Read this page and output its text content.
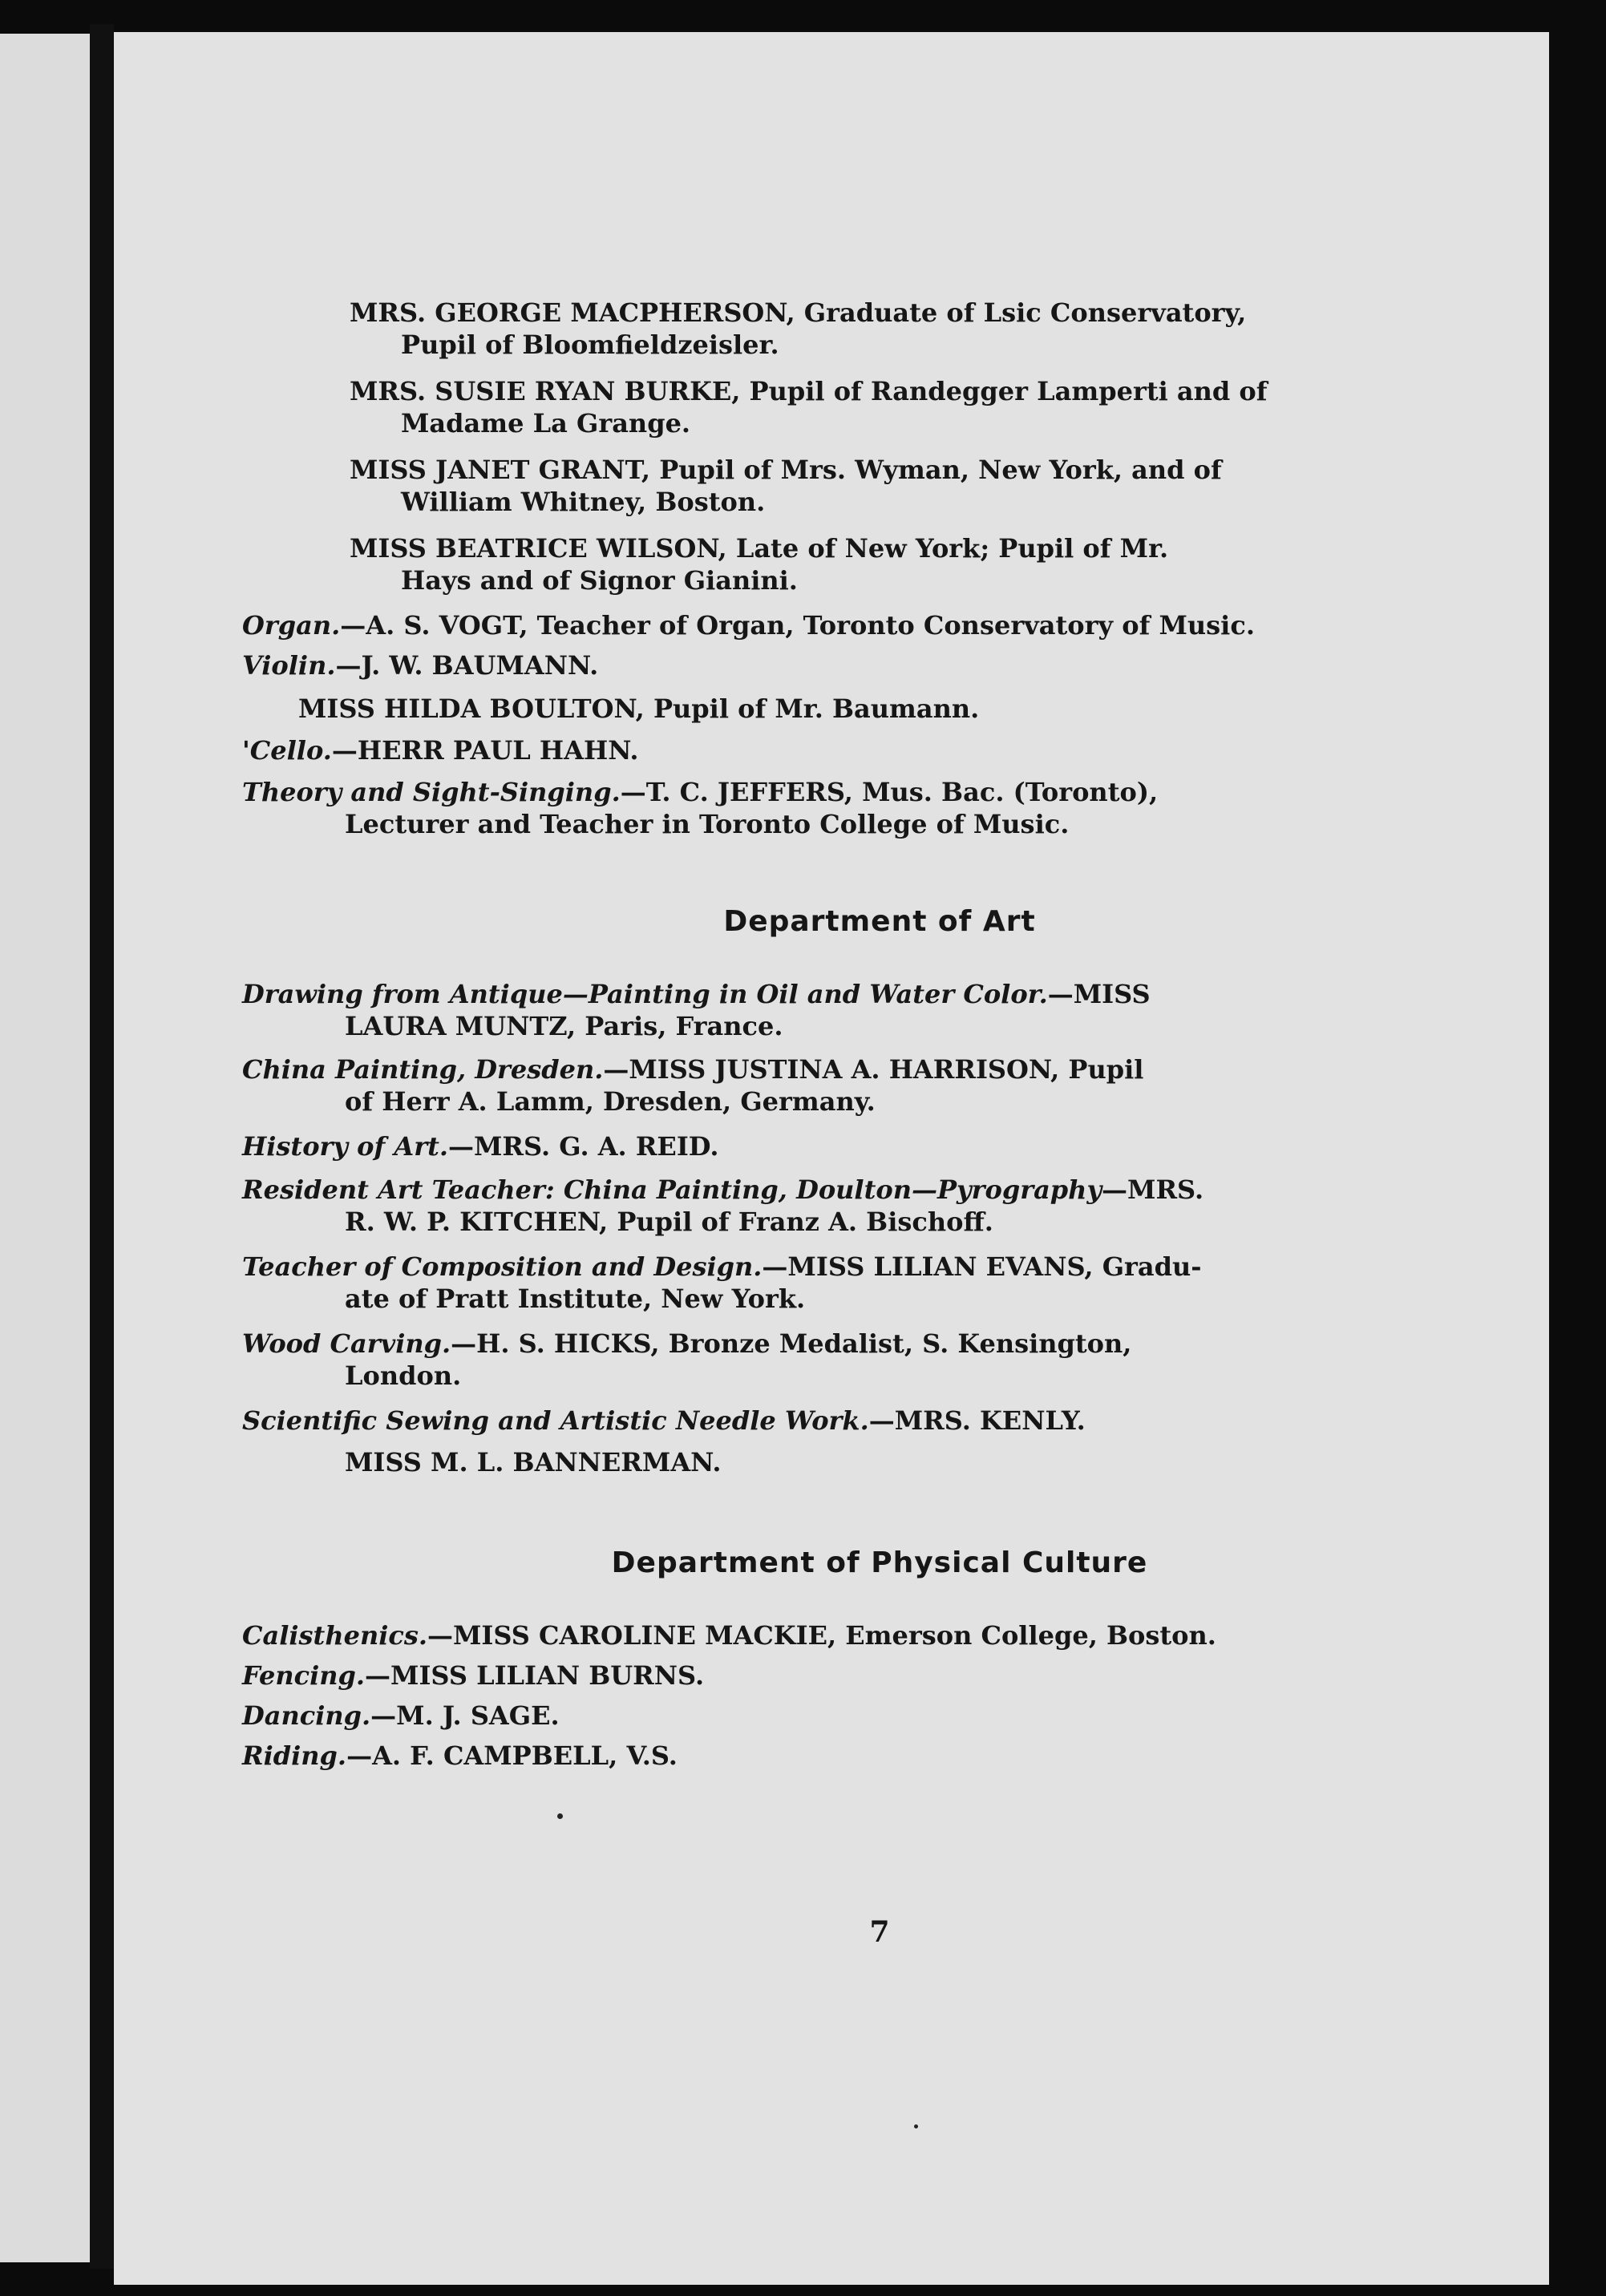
MRS. GEORGE MACPHERSON, Graduate of Lsic Conservatory,
Pupil of Bloomfieldzeisler.
MRS. SUSIE RYAN BURKE, Pupil of Randegger Lamperti and of
Madame La Grange.
MISS JANET GRANT, Pupil of Mrs. Wyman, New York, and of
William Whitney, Boston.
MISS BEATRICE WILSON, Late of New York; Pupil of Mr.
Hays and of Signor Gianini.
Organ.—A. S. VOGT, Teacher of Organ, Toronto Conservatory of Music.
Violin.—J. W. BAUMANN.
MISS HILDA BOULTON, Pupil of Mr. Baumann.
'Cello.—HERR PAUL HAHN.
Theory and Sight-Singing.—T. C. JEFFERS, Mus. Bac. (Toronto),
Lecturer and Teacher in Toronto College of Music.
Department of Art
Drawing from Antique—Painting in Oil and Water Color.—MISS
LAURA MUNTZ, Paris, France.
China Painting, Dresden.—MISS JUSTINA A. HARRISON, Pupil
of Herr A. Lamm, Dresden, Germany.
History of Art.—MRS. G. A. REID.
Resident Art Teacher: China Painting, Doulton—Pyrography—MRS.
R. W. P. KITCHEN, Pupil of Franz A. Bischoff.
Teacher of Composition and Design.—MISS LILIAN EVANS, Gradu-
ate of Pratt Institute, New York.
Wood Carving.—H. S. HICKS, Bronze Medalist, S. Kensington,
London.
Scientific Sewing and Artistic Needle Work.—MRS. KENLY.
MISS M. L. BANNERMAN.
Department of Physical Culture
Calisthenics.—MISS CAROLINE MACKIE, Emerson College, Boston.
Fencing.—MISS LILIAN BURNS.
Dancing.—M. J. SAGE.
Riding.—A. F. CAMPBELL, V.S.
7
